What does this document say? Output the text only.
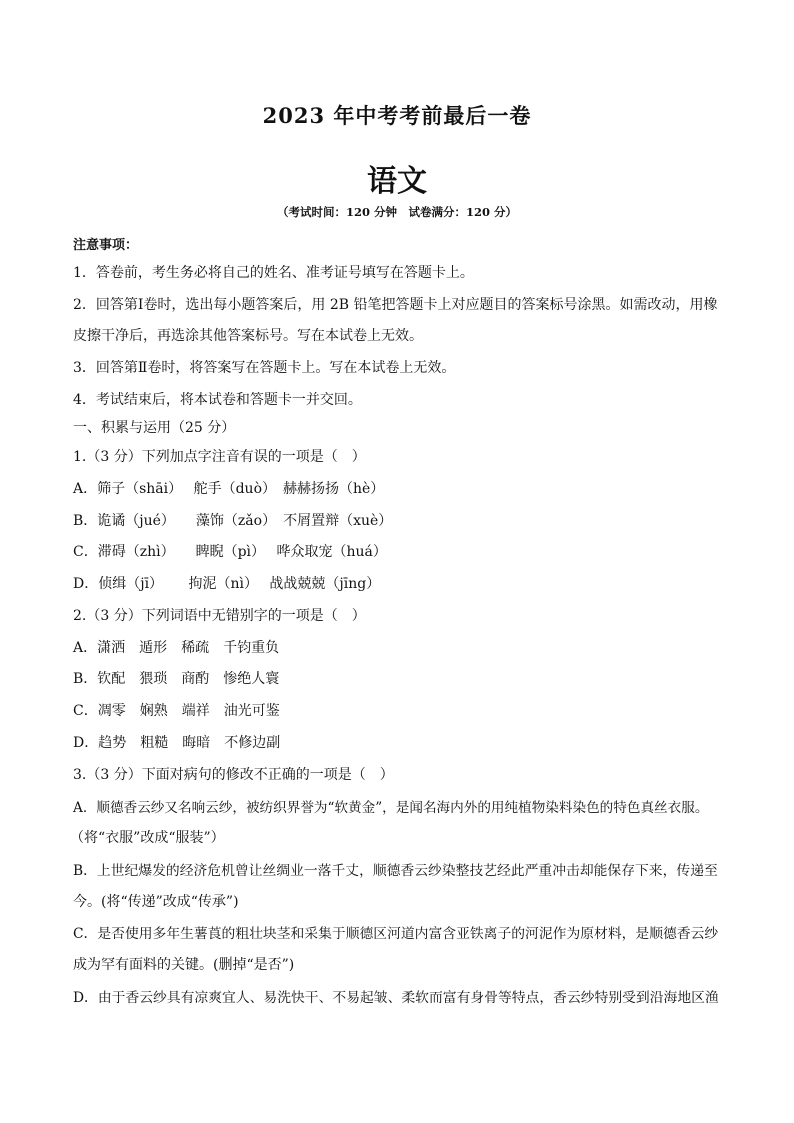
2023 年中考考前最后一卷
语文
（考试时间：120 分钟　试卷满分：120 分）
注意事项：
1．答卷前，考生务必将自己的姓名、准考证号填写在答题卡上。
2．回答第Ⅰ卷时，选出每小题答案后，用 2B 铅笔把答题卡上对应题目的答案标号涂黑。如需改动，用橡
皮擦干净后，再选涂其他答案标号。写在本试卷上无效。
3．回答第Ⅱ卷时，将答案写在答题卡上。写在本试卷上无效。
4．考试结束后，将本试卷和答题卡一并交回。
一、积累与运用（25 分）
1.（3 分）下列加点字注音有误的一项是（　）
A．筛子（shāi）　 舵手（duò）　赫赫扬扬（hè）
B．诡谲（jué）　　藻饰（zǎo）　不屑置辩（xuè）
C．滞碍（zhì）　　睥睨（pì）　 哗众取宠（huá）
D．侦缉（jī）　　 拘泥（nì）　 战战兢兢（jīng）
2.（3 分）下列词语中无错别字的一项是（　）
A．潇洒　遁形　稀疏　千钧重负
B．钦配　猥琐　商酌　惨绝人寰
C．凋零　娴熟　端祥　油光可鉴
D．趋势　粗糙　晦暗　不修边副
3.（3 分）下面对病句的修改不正确的一项是（　）
A．顺德香云纱又名响云纱，被纺织界誉为“软黄金”，是闻名海内外的用纯植物染料染色的特色真丝衣服。
（将“衣服”改成“服装”）
B．上世纪爆发的经济危机曾让丝绸业一落千丈，顺德香云纱染整技艺经此严重冲击却能保存下来，传递至
今。(将“传递”改成“传承”)
C．是否使用多年生薯莨的粗壮块茎和采集于顺德区河道内富含亚铁离子的河泥作为原材料，是顺德香云纱
成为罕有面料的关键。(删掉“是否”)
D．由于香云纱具有凉爽宜人、易洗快干、不易起皱、柔软而富有身骨等特点，香云纱特别受到沿海地区渔
